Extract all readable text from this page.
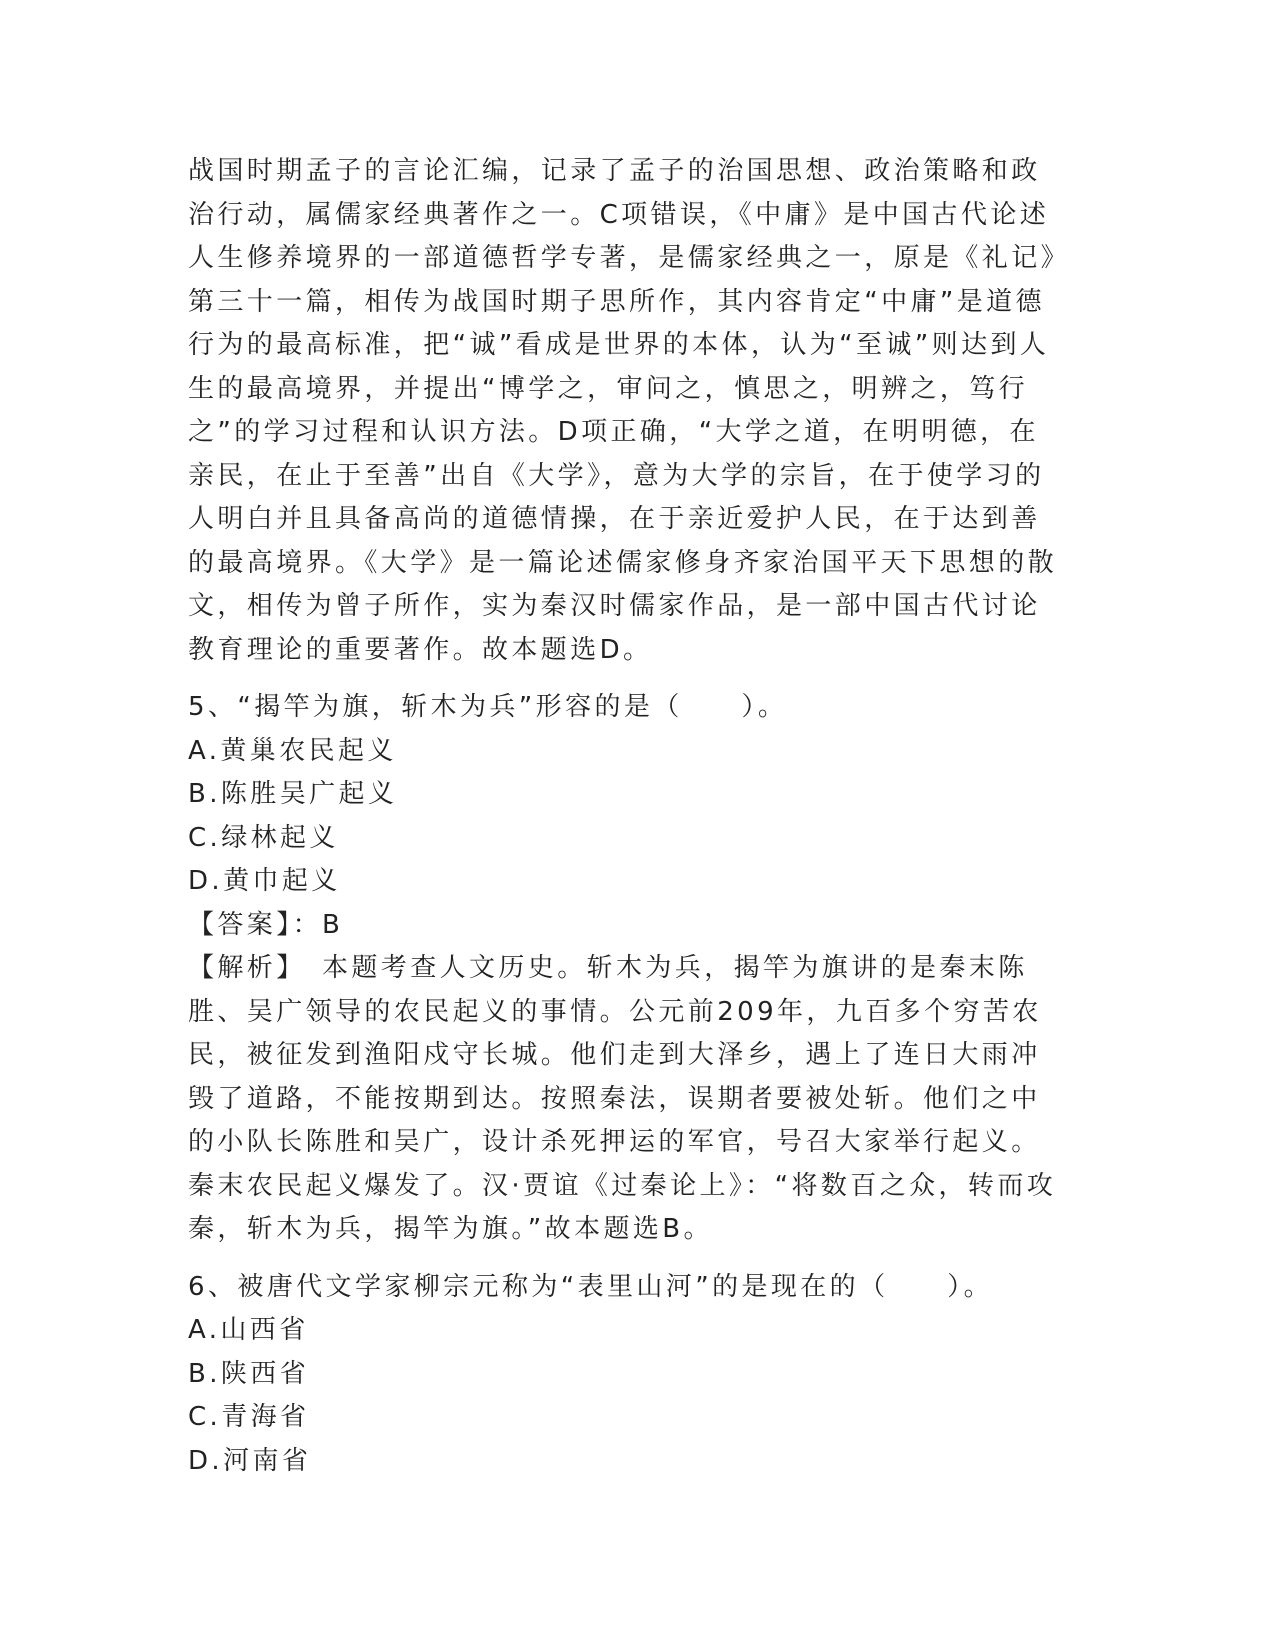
战国时期孟子的言论汇编，记录了孟子的治国思想、政治策略和政治行动，属儒家经典著作之一。C项错误，《中庸》是中国古代论述人生修养境界的一部道德哲学专著，是儒家经典之一，原是《礼记》第三十一篇，相传为战国时期子思所作，其内容肯定“中庸”是道德行为的最高标准，把“诚”看成是世界的本体，认为“至诚”则达到人生的最高境界，并提出“博学之，审问之，慎思之，明辨之，笃行之”的学习过程和认识方法。D项正确，“大学之道，在明明德，在亲民，在止于至善”出自《大学》，意为大学的宗旨，在于使学习的人明白并且具备高尚的道德情操，在于亲近爱护人民，在于达到善的最高境界。《大学》是一篇论述儒家修身齐家治国平天下思想的散文，相传为曾子所作，实为秦汉时儒家作品，是一部中国古代讨论教育理论的重要著作。故本题选D。

5、“揭竿为旗，斩木为兵”形容的是（　　）。

A.黄巢农民起义

B.陈胜吴广起义

C.绿林起义

D.黄巾起义

【答案】：B

【解析】　本题考查人文历史。斩木为兵，揭竿为旗讲的是秦末陈胜、吴广领导的农民起义的事情。公元前209年，九百多个穷苦农民，被征发到渔阳戍守长城。他们走到大泽乡，遇上了连日大雨冲毁了道路，不能按期到达。按照秦法，误期者要被处斩。他们之中的小队长陈胜和吴广，设计杀死押运的军官，号召大家举行起义。秦末农民起义爆发了。汉·贾谊《过秦论上》：“将数百之众，转而攻秦，斩木为兵，揭竿为旗。”故本题选B。

6、被唐代文学家柳宗元称为“表里山河”的是现在的（　　）。

A.山西省

B.陕西省

C.青海省

D.河南省
